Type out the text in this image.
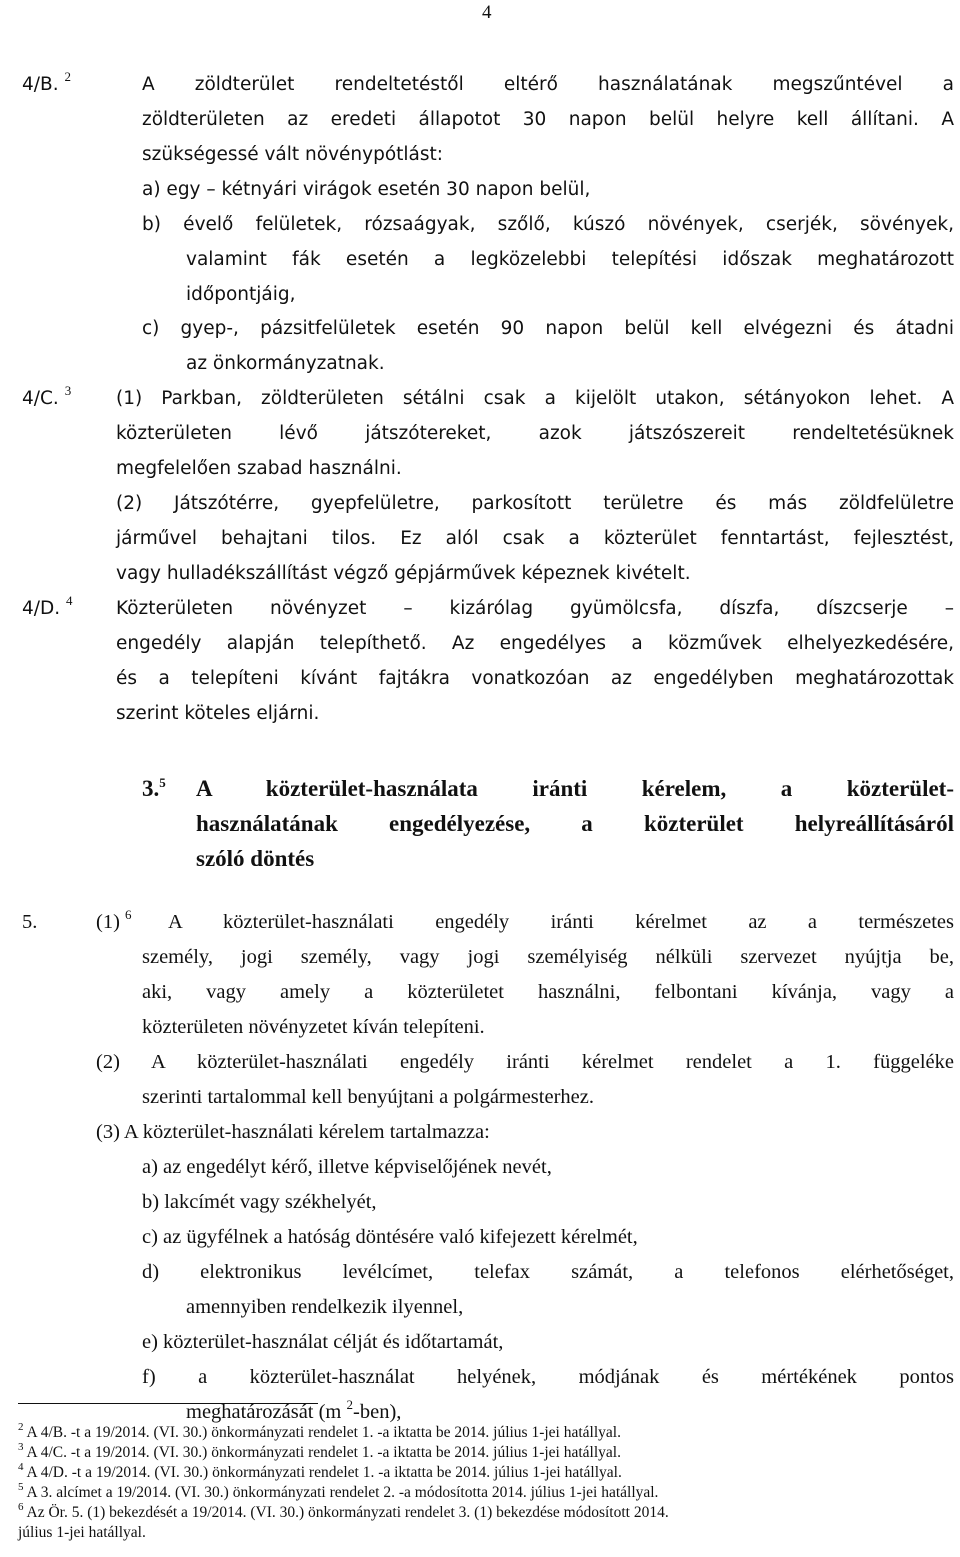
4
4/B. $^2$	A zöldterület rendeltetéstől eltérő használatának megszűntével a
zöldterületen az eredeti állapotot 30 napon belül helyre kell állítani. A
szükségessé vált növénypótlást:
a) egy – kétnyári virágok esetén 30 napon belül,
b) évelő felületek, rózsaágyak, szőlő, kúszó növények, cserjék, sövények,
valamint fák esetén a legközelebbi telepítési időszak meghatározott
időpontjáig,
c) gyep-, pázsitfelületek esetén 90 napon belül kell elvégezni és átadni
az önkormányzatnak.
4/C. $^3$ (1) Parkban, zöldterületen sétálni csak a kijelölt utakon, sétányokon lehet. A
közterületen lévő játszótereket, azok játszószereit rendeltetésüknek
megfelelően szabad használni.
(2) Játszótérre, gyepfelületre, parkosított területre és más zöldfelületre
járművel behajtani tilos. Ez alól csak a közterület fenntartást, fejlesztést,
vagy hulladékszállítást végző gépjárművek képeznek kivételt.
4/D. $^4$ Közterületen növényzet – kizárólag gyümölcsfa, díszfa, díszcserje –
engedély alapján telepíthető. Az engedélyes a közművek elhelyezkedésére,
és a telepíteni kívánt fajtákra vonatkozóan az engedélyben meghatározottak
szerint köteles eljárni.
3.$^5$ A közterület-használata iránti kérelem, a közterület-
használatának engedélyezése, a közterület helyreállításáról
szóló döntés
5.	(1) $^6$ A közterület-használati engedély iránti kérelmet az a természetes
személy, jogi személy, vagy jogi személyiség nélküli szervezet nyújtja be,
aki, vagy amely a közterületet használni, felbontani kívánja, vagy a
közterületen növényzetet kíván telepíteni.
(2) A közterület-használati engedély iránti kérelmet rendelet a 1. függeléke
szerinti tartalommal kell benyújtani a polgármesterhez.
(3) A közterület-használati kérelem tartalmazza:
a) az engedélyt kérő, illetve képviselőjének nevét,
b) lakcímét vagy székhelyét,
c) az ügyfélnek a hatóság döntésére való kifejezett kérelmét,
d) elektronikus levélcímet, telefax számát, a telefonos elérhetőséget,
amennyiben rendelkezik ilyennel,
e) közterület-használat célját és időtartamát,
f) a közterület-használat helyének, módjának és mértékének pontos
meghatározását (m $^2$-ben),
$^2$ A 4/B. -t a 19/2014. (VI. 30.) önkormányzati rendelet 1. -a iktatta be 2014. július 1-jei hatállyal.
$^3$ A 4/C. -t a 19/2014. (VI. 30.) önkormányzati rendelet 1. -a iktatta be 2014. július 1-jei hatállyal.
$^4$ A 4/D. -t a 19/2014. (VI. 30.) önkormányzati rendelet 1. -a iktatta be 2014. július 1-jei hatállyal.
$^5$ A 3. alcímet a 19/2014. (VI. 30.) önkormányzati rendelet 2. -a módosította 2014. július 1-jei hatállyal.
$^6$ Az Ör. 5. (1) bekezdését a 19/2014. (VI. 30.) önkormányzati rendelet 3. (1) bekezdése módosított 2014.
július 1-jei hatállyal.
